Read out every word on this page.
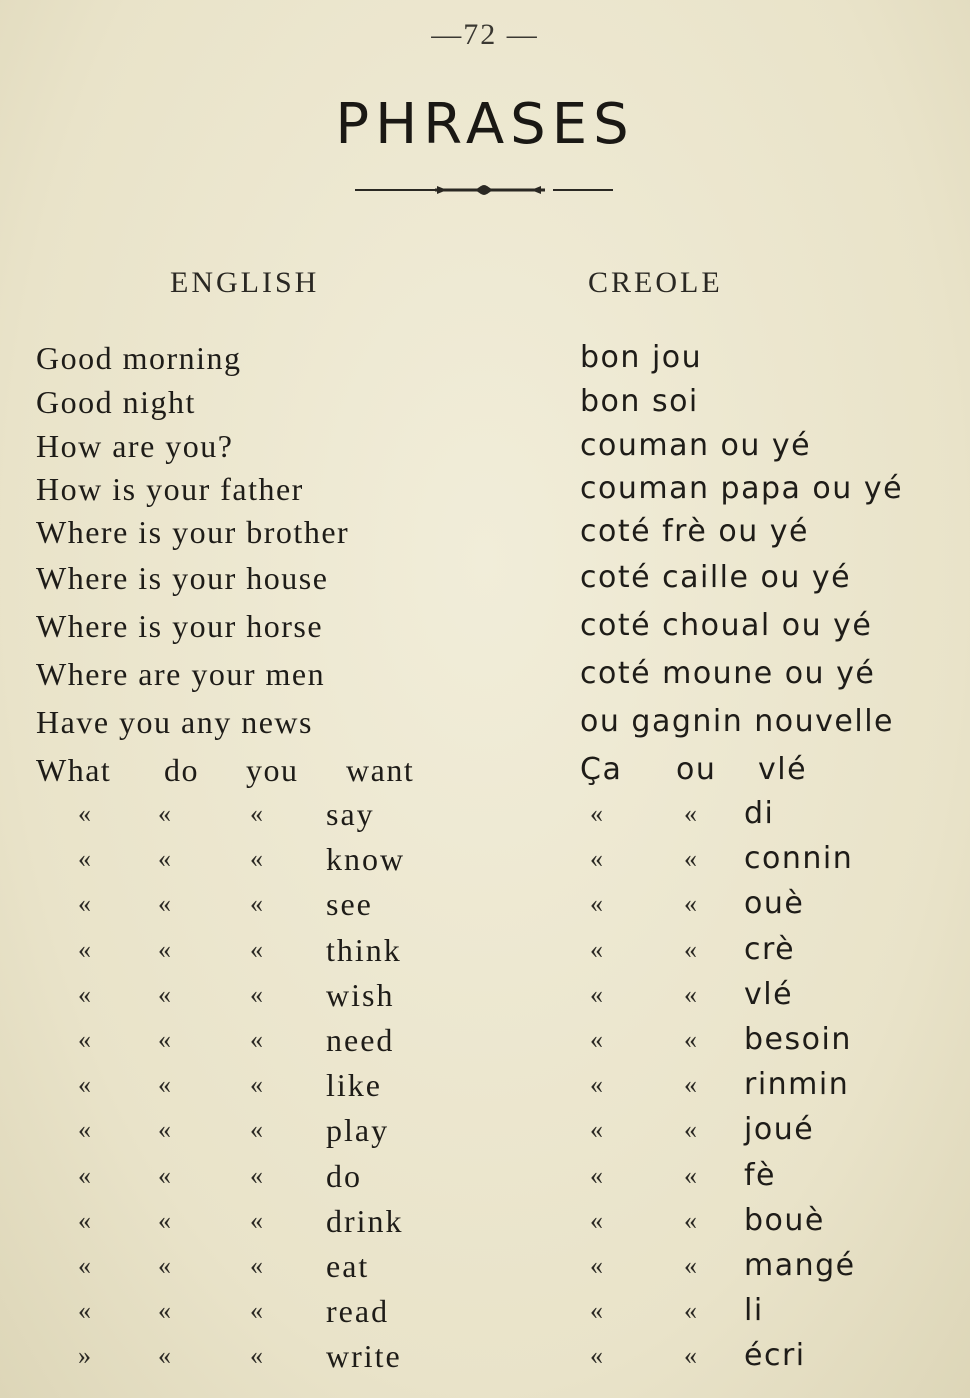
—72 —
PHRASES
ENGLISH	CREOLE
Good morning	bon jou
Good night	bon soi
How are you?	couman ou yé
How is your father	couman papa ou yé
Where is your brother	coté frè ou yé
Where is your house	coté caille ou yé
Where is your horse	coté choual ou yé
Where are your men	coté moune ou yé
Have you any news	ou gagnin nouvelle
What do you want	Ça ou vlé
«	«	« say	«	« di
«	«	« know	«	« connin
«	«	« see	«	« ouè
«	«	« think	«	« crè
«	«	« wish	«	« vlé
«	«	« need	«	« besoin
«	«	« like	«	« rinmin
«	«	« play	«	« joué
«	«	« do	«	« fè
«	«	« drink	«	« bouè
«	«	« eat	«	« mangé
«	«	« read	«	« li
»	«	« write	«	« écri
